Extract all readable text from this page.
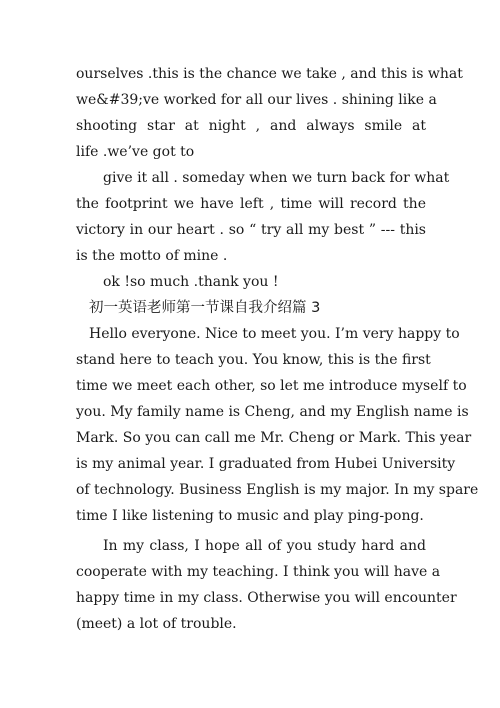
ourselves .this is the chance we take , and this is what
we&#39;ve worked for all our lives . shining like a
shooting star at night , and always smile at
life .we’ve got to
give it all . someday when we turn back for what
the footprint we have left , time will record the
victory in our heart . so “ try all my best ” --- this
is the motto of mine .
ok !so much .thank you !
初一英语老师第一节课自我介绍篇 3
Hello everyone. Nice to meet you. I’m very happy to
stand here to teach you. You know, this is the first
time we meet each other, so let me introduce myself to
you. My family name is Cheng, and my English name is
Mark. So you can call me Mr. Cheng or Mark. This year
is my animal year. I graduated from Hubei University
of technology. Business English is my major. In my spare
time I like listening to music and play ping-pong.
In my class, I hope all of you study hard and
cooperate with my teaching. I think you will have a
happy time in my class. Otherwise you will encounter
(meet) a lot of trouble.
